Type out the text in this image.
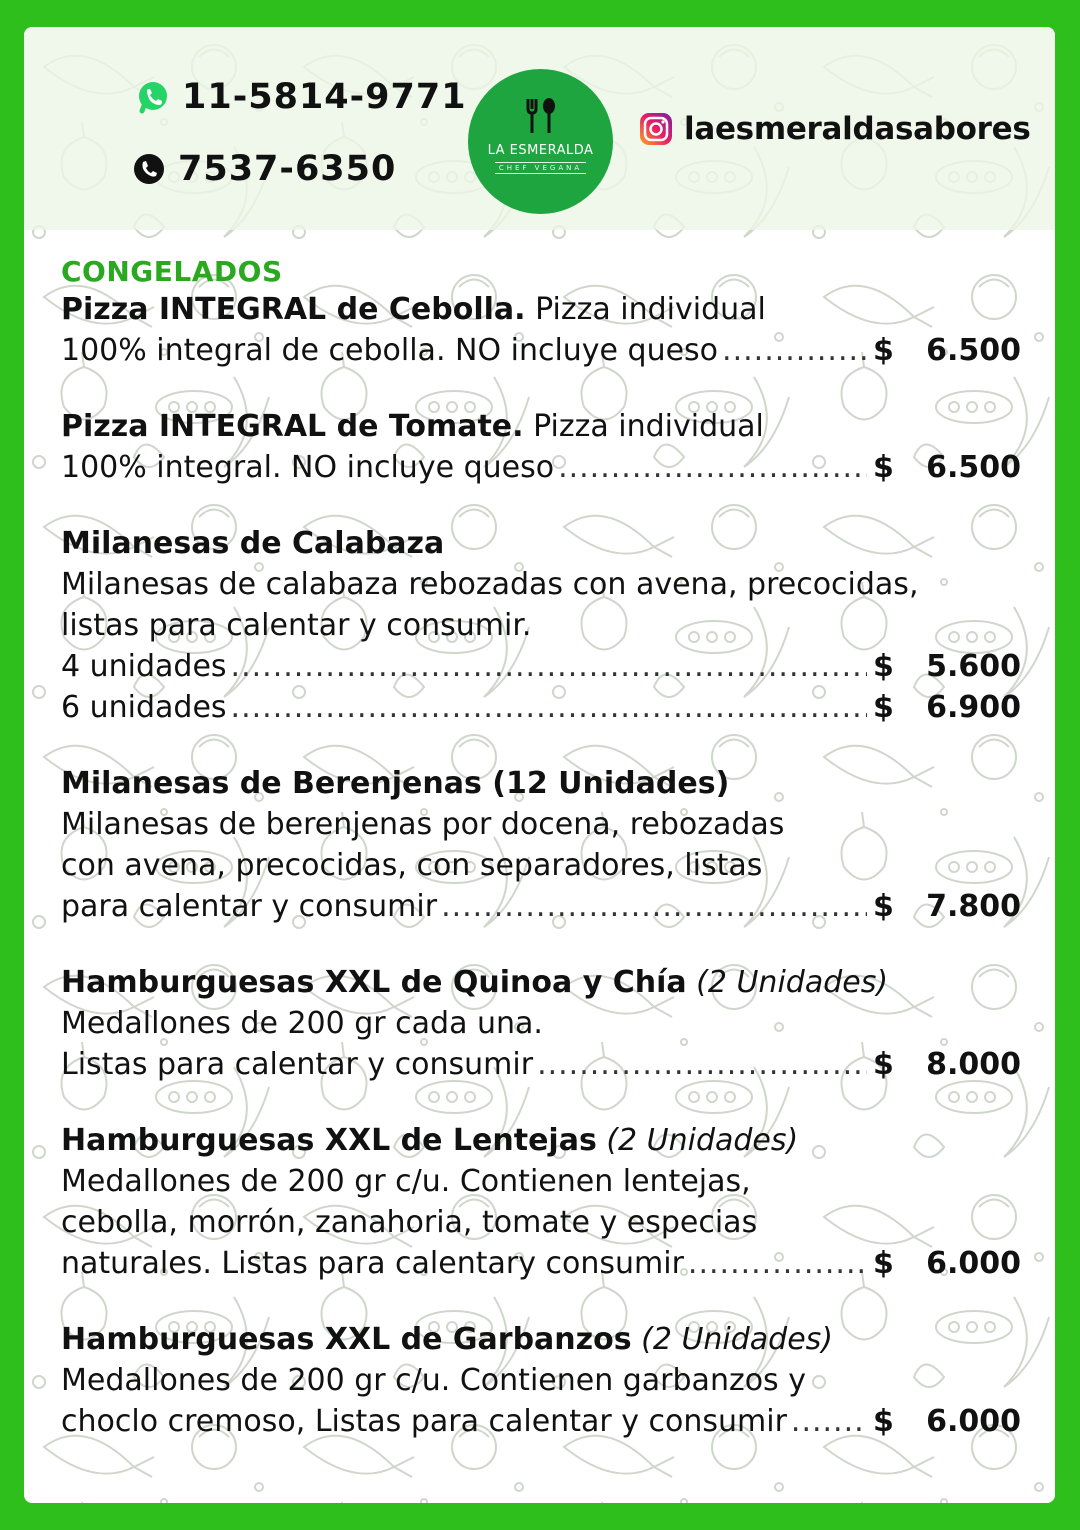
11-5814-9771
7537-6350	LA ESMERALDA
CHEF VEGANA
laesmeraldasabores
CONGELADOS
Pizza INTEGRAL de Cebolla. Pizza individual
100% integral de cebolla. NO incluye queso .....	$	6.500
Pizza INTEGRAL de Tomate. Pizza individual
100% integral. NO incluye queso .....	$	6.500
Milanesas de Calabaza
Milanesas de calabaza rebozadas con avena, precocidas,
listas para calentar y consumir.
4 unidades .....	$	5.600
6 unidades .....	$	6.900
Milanesas de Berenjenas (12 Unidades)
Milanesas de berenjenas por docena, rebozadas
con avena, precocidas, con separadores, listas
para calentar y consumir .....	$	7.800
Hamburguesas XXL de Quinoa y Chía (2 Unidades)
Medallones de 200 gr cada una.
Listas para calentar y consumir .....	$	8.000
Hamburguesas XXL de Lentejas (2 Unidades)
Medallones de 200 gr c/u. Contienen lentejas,
cebolla, morrón, zanahoria, tomate y especias
naturales. Listas para calentary consumir .....	$	6.000
Hamburguesas XXL de Garbanzos (2 Unidades)
Medallones de 200 gr c/u. Contienen garbanzos y
choclo cremoso, Listas para calentar y consumir .....	$	6.000
